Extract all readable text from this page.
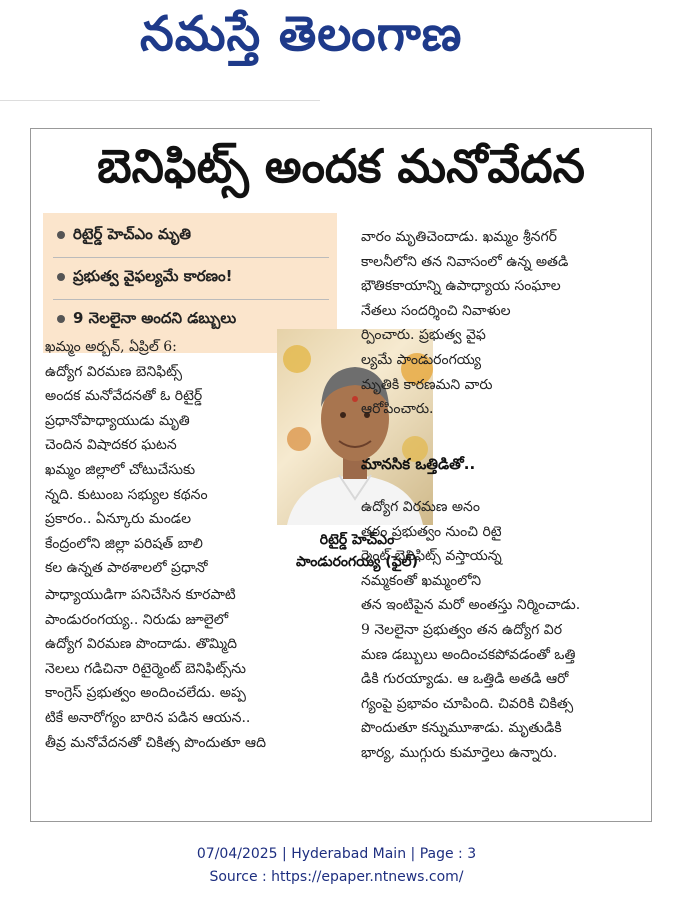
నమస్తే తెలంగాణ
బెనిఫిట్స్ అందక మనోవేదన
రిటైర్డ్ హెచ్ఎం మృతి
ప్రభుత్వ వైఫల్యమే కారణం!
9 నెలలైనా అందని డబ్బులు
ఖమ్మం అర్బన్, ఏప్రిల్ 6:
ఉద్యోగ విరమణ బెనిఫిట్స్
అందక మనోవేదనతో ఓ రిటైర్డ్
ప్రధానోపాధ్యాయుడు మృతి
చెందిన విషాదకర ఘటన
ఖమ్మం జిల్లాలో చోటుచేసుకు
న్నది. కుటుంబ సభ్యుల కథనం
ప్రకారం.. ఏన్కూరు మండల
కేంద్రంలోని జిల్లా పరిషత్ బాలి
కల ఉన్నత పాఠశాలలో ప్రధానో
రిటైర్డ్ హెచ్ఎం
పాండురంగయ్య (ఫైల్)
వారం మృతిచెందాడు. ఖమ్మం శ్రీనగర్
కాలనీలోని తన నివాసంలో ఉన్న అతడి
భౌతికకాయాన్ని ఉపాధ్యాయ సంఘాల
నేతలు సందర్శించి నివాళుల
ర్పించారు. ప్రభుత్వ వైఫ
ల్యమే పాండురంగయ్య
మృతికి కారణమని వారు
ఆరోపించారు.
మానసిక ఒత్తిడితో..
ఉద్యోగ విరమణ అనం
తరం ప్రభుత్వం నుంచి రిటై
ర్మెంట్ బెనిఫిట్స్ వస్తాయన్న
నమ్మకంతో ఖమ్మంలోని
తన ఇంటిపైన మరో అంతస్తు నిర్మించాడు.
9 నెలలైనా ప్రభుత్వం తన ఉద్యోగ విర
మణ డబ్బులు అందించకపోవడంతో ఒత్తి
డికి గురయ్యాడు. ఆ ఒత్తిడి అతడి ఆరో
గ్యంపై ప్రభావం చూపింది. చివరికి చికిత్స
పొందుతూ కన్నుమూశాడు. మృతుడికి
భార్య, ముగ్గురు కుమార్తెలు ఉన్నారు.
పాధ్యాయుడిగా పనిచేసిన కూరపాటి
పాండురంగయ్య.. నిరుడు జూలైలో
ఉద్యోగ విరమణ పొందాడు. తొమ్మిది
నెలలు గడిచినా రిటైర్మెంట్ బెనిఫిట్స్‌ను
కాంగ్రెస్ ప్రభుత్వం అందించలేదు. అప్ప
టికే అనారోగ్యం బారిన పడిన ఆయన..
తీవ్ర మనోవేదనతో చికిత్స పొందుతూ ఆది
07/04/2025 | Hyderabad Main | Page : 3
Source : https://epaper.ntnews.com/
